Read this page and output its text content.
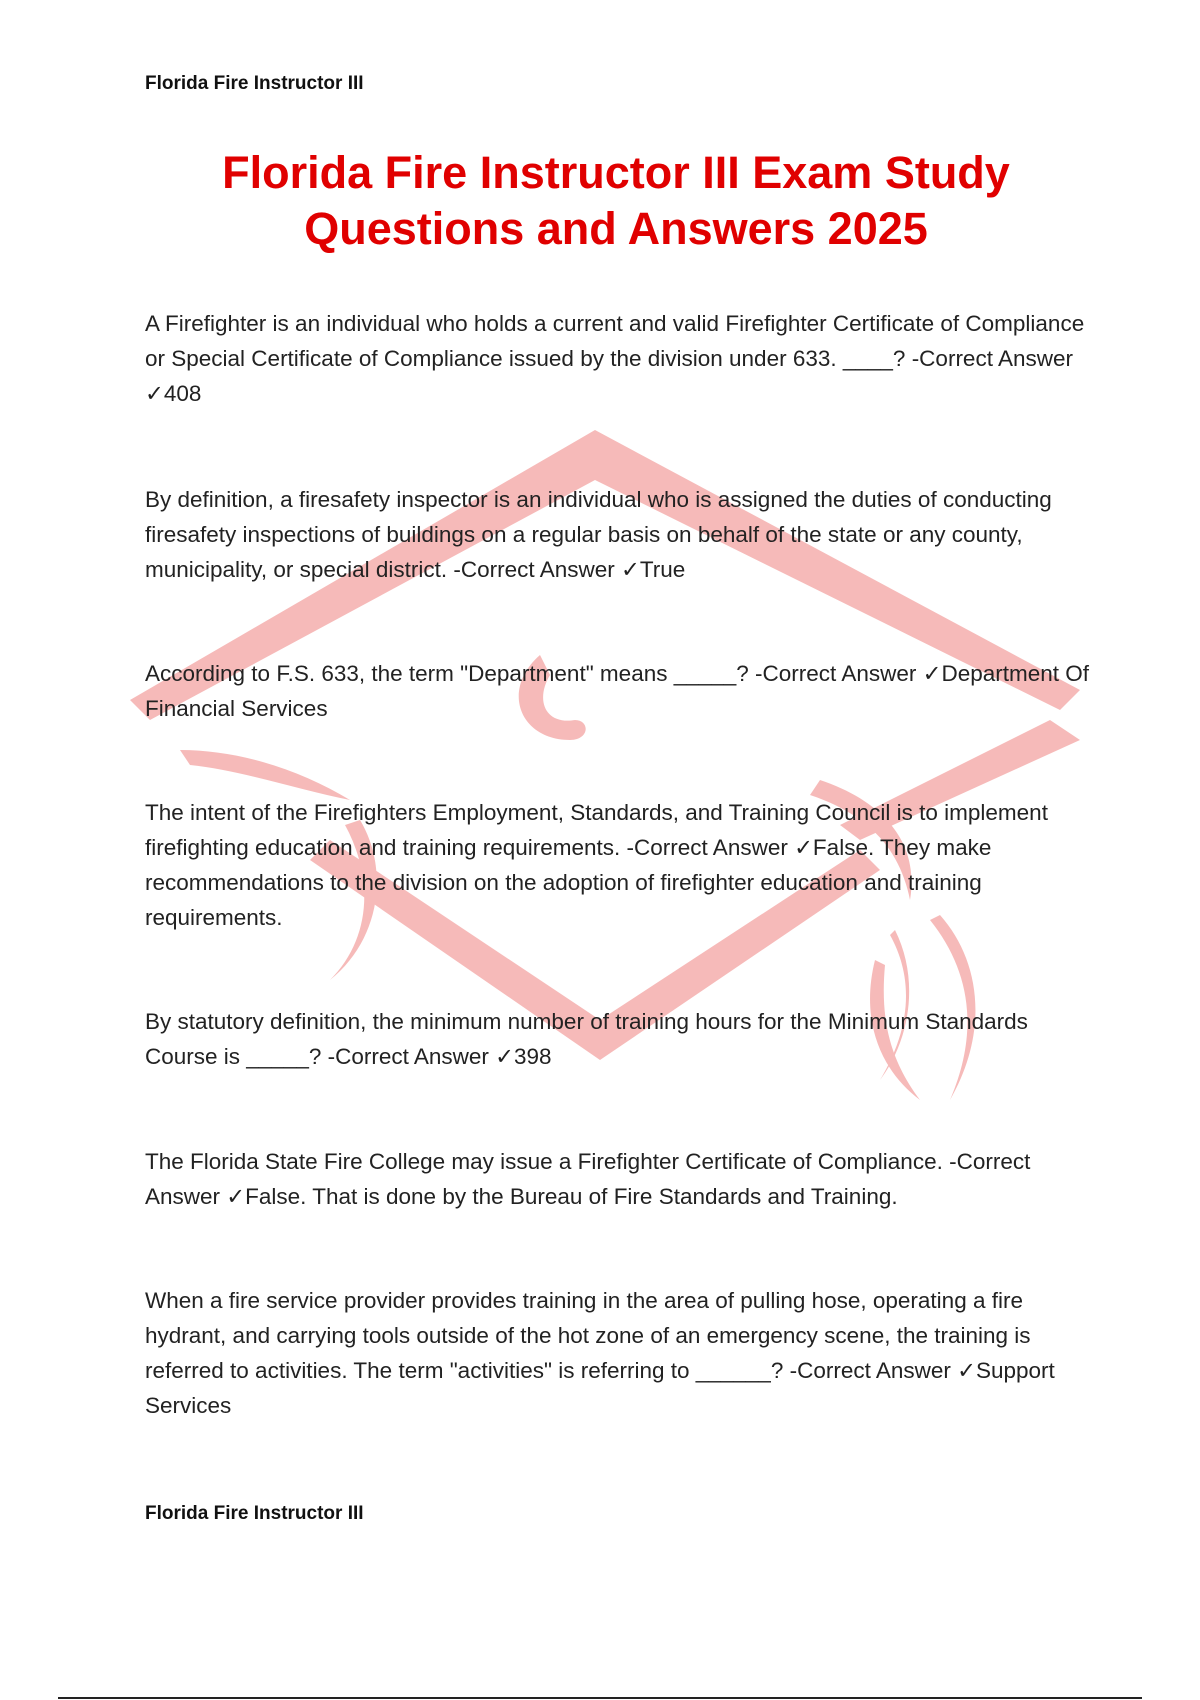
Florida Fire Instructor III
Florida Fire Instructor III Exam Study Questions and Answers 2025
A Firefighter is an individual who holds a current and valid Firefighter Certificate of Compliance or Special Certificate of Compliance issued by the division under 633. ____? -Correct Answer ✓408
By definition, a firesafety inspector is an individual who is assigned the duties of conducting firesafety inspections of buildings on a regular basis on behalf of the state or any county, municipality, or special district. -Correct Answer ✓True
According to F.S. 633, the term "Department" means _____? -Correct Answer ✓Department Of Financial Services
The intent of the Firefighters Employment, Standards, and Training Council is to implement firefighting education and training requirements. -Correct Answer ✓False. They make recommendations to the division on the adoption of firefighter education and training requirements.
By statutory definition, the minimum number of training hours for the Minimum Standards Course is _____? -Correct Answer ✓398
The Florida State Fire College may issue a Firefighter Certificate of Compliance. -Correct Answer ✓False. That is done by the Bureau of Fire Standards and Training.
When a fire service provider provides training in the area of pulling hose, operating a fire hydrant, and carrying tools outside of the hot zone of an emergency scene, the training is referred to activities. The term "activities" is referring to ______? -Correct Answer ✓Support Services
Florida Fire Instructor III
